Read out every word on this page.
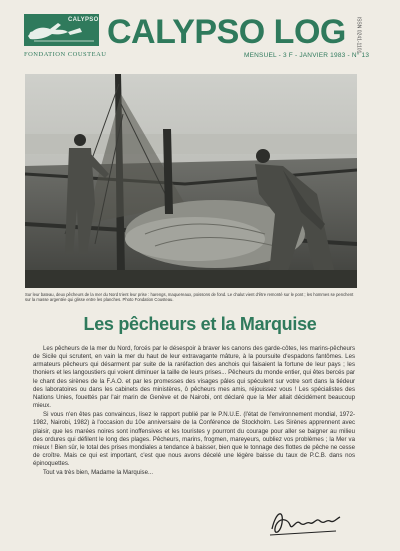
CALYPSO
FONDATION COUSTEAU
CALYPSO LOG
MENSUEL - 3 F - JANVIER 1983 - N° 13
ISSN 0241-1101
Sur leur bateau, deux pêcheurs de la mer du Nord trient leur prise : harengs, maquereaux, poissons de fond. Le chalut vient d'être remonté sur le pont ; les hommes se penchent sur la masse argentée qui glisse entre les planches. Photo Fondation Cousteau.
Les pêcheurs et la Marquise

Les pêcheurs de la mer du Nord, forcés par le désespoir à braver les canons des garde-côtes, les marins-pêcheurs de Sicile qui scrutent, en vain la mer du haut de leur extravagante mâture, à la poursuite d'espadons fantômes. Les armateurs pêcheurs qui désarment par suite de la raréfaction des anchois qui faisaient la fortune de leur pays ; les thoniers et les langoustiers qui voient diminuer la taille de leurs prises... Pêcheurs du monde entier, qui êtes bercés par le chant des sirènes de la F.A.O. et par les promesses des visages pâles qui spéculent sur votre sort dans la tiédeur des laboratoires ou dans les cabinets des ministères, ô pêcheurs mes amis, réjouissez vous ! Les spécialistes des Nations Unies, fouettés par l'air marin de Genève et de Nairobi, ont déclaré que la Mer allait décidément beaucoup mieux.

Si vous n'en êtes pas convaincus, lisez le rapport publié par le P.N.U.E. (l'état de l'environnement mondial, 1972-1982, Nairobi, 1982) à l'occasion du 10e anniversaire de la Conférence de Stockholm. Les Sirènes apprennent avec plaisir, que les marées noires sont inoffensives et les touristes y pourront du courage pour aller se baigner au milieu des ordures qui défilent le long des plages. Pêcheurs, marins, frogmen, mareyeurs, oubliez vos problèmes ; la Mer va mieux ! Bien sûr, le total des prises mondiales a tendance à baisser, bien que le tonnage des flottes de pêche ne cesse de croître. Mais ce qui est important, c'est que nous avons décelé une légère baisse du taux de P.C.B. dans nos épinoquettes.

Tout va très bien, Madame la Marquise...
